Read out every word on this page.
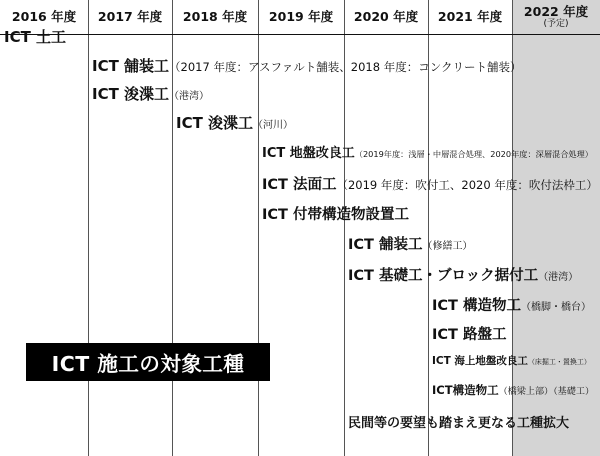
2016 年度 2017 年度 2018 年度 2019 年度 2020 年度 2021 年度 2022 年度
(予定)
ICT 土工
ICT 舗装工（2017 年度：アスファルト舗装、2018 年度：コンクリート舗装）
ICT 浚渫工（港湾）
ICT 浚渫工（河川）
ICT 地盤改良工（2019年度：浅層・中層混合処理、2020年度：深層混合処理）
ICT 法面工（2019 年度：吹付工、2020 年度：吹付法枠工）
ICT 付帯構造物設置工
ICT 舗装工（修繕工）
ICT 基礎工・ブロック据付工（港湾）
ICT 構造物工（橋脚・橋台）
ICT 路盤工
ICT 海上地盤改良工（床掘工・置換工）
ICT構造物工（橋梁上部）（基礎工）
民間等の要望も踏まえ更なる工種拡大
ICT 施工の対象工種
